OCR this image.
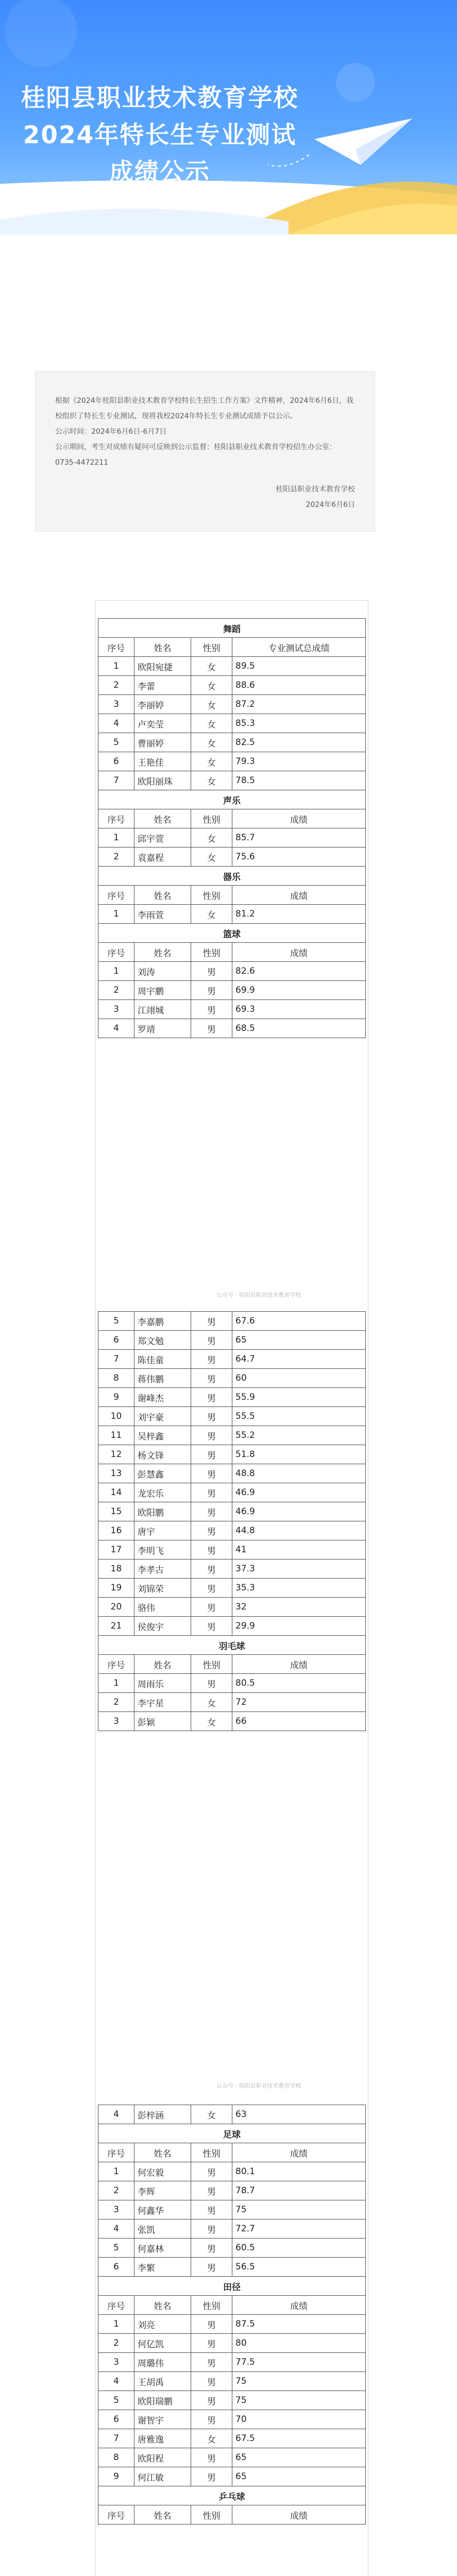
桂阳县职业技术教育学校
2024年特长生专业测试
成绩公示

根据《2024年桂阳县职业技术教育学校特长生招生工作方案》文件精神，2024年6月6日，我校组织了特长生专业测试，现将我校2024年特长生专业测试成绩予以公示。

公示时间：2024年6月6日-6月7日

公示期间，考生对成绩有疑问可反映到公示监督：桂阳县职业技术教育学校招生办公室：0735-4472211

桂阳县职业技术教育学校
2024年6月6日
舞蹈			
序号	姓名	性别	专业测试总成绩
1	欧阳宛捷	女	89.5
2	李蕾	女	88.6
3	李丽婷	女	87.2
4	卢奕莹	女	85.3
5	曹丽婷	女	82.5
6	王艳佳	女	79.3
7	欧阳丽珠	女	78.5
声乐			
序号	姓名	性别	成绩
1	邱宇萱	女	85.7
2	袁嘉程	女	75.6
器乐			
序号	姓名	性别	成绩
1	李雨萱	女	81.2
篮球			
序号	姓名	性别	成绩
1	刘涛	男	82.6
2	周宇鹏	男	69.9
3	江翊城	男	69.3
4	罗靖	男	68.5
5	李嘉鹏	男	67.6
6	郑文勉	男	65
7	陈佳童	男	64.7
8	蒋伟鹏	男	60
9	谢峰杰	男	55.9
10	刘宇豪	男	55.5
11	吴梓鑫	男	55.2
12	杨文锋	男	51.8
13	彭慧鑫	男	48.8
14	龙宏乐	男	46.9
15	欧阳鹏	男	46.9
16	唐宇	男	44.8
17	李明飞	男	41
18	李孝古	男	37.3
19	刘锦荣	男	35.3
20	骆伟	男	32
21	侯俊宇	男	29.9
羽毛球			
序号	姓名	性别	成绩
1	周雨乐	男	80.5
2	李宇星	女	72
3	彭颖	女	66
4	彭梓涵	女	63
足球			
序号	姓名	性别	成绩
1	何宏毅	男	80.1
2	李辉	男	78.7
3	何鑫华	男	75
4	张凯	男	72.7
5	何嘉林	男	60.5
6	李繁	男	56.5
田径			
序号	姓名	性别	成绩
1	刘亮	男	87.5
2	何亿凯	男	80
3	周璐伟	男	77.5
4	王胡禹	男	75
5	欧阳瑞鹏	男	75
6	谢智宇	男	70
7	唐雅逸	女	67.5
8	欧阳程	男	65
9	何江敏	男	65
乒乓球			
序号	姓名	性别	成绩

公众号 · 桂阳县职业技术教育学校
公众号 · 桂阳县职业技术教育学校
